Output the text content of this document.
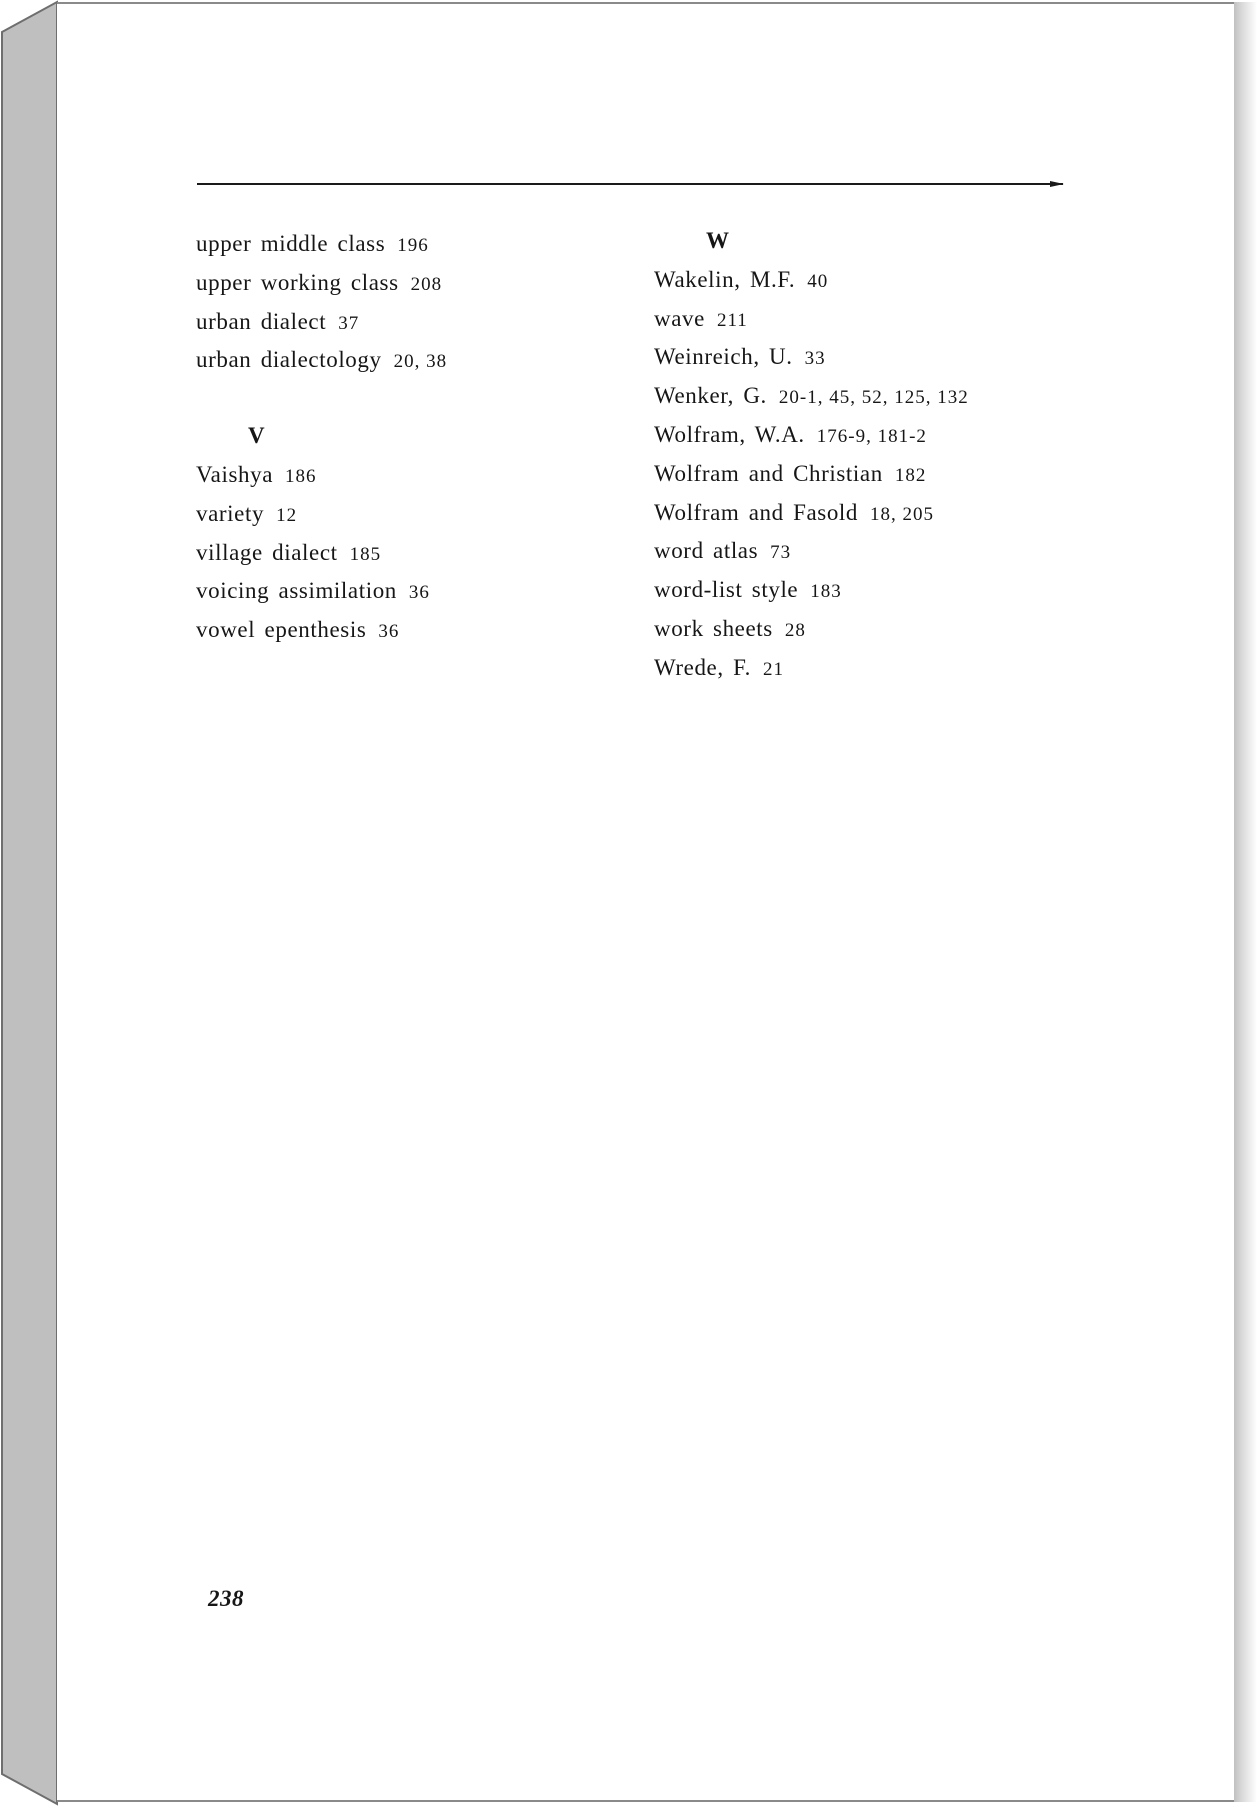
upper middle class 196
upper working class 208
urban dialect 37
urban dialectology 20, 38
V
Vaishya 186
variety 12
village dialect 185
voicing assimilation 36
vowel epenthesis 36
W
Wakelin, M.F. 40
wave 211
Weinreich, U. 33
Wenker, G. 20-1, 45, 52, 125, 132
Wolfram, W.A. 176-9, 181-2
Wolfram and Christian 182
Wolfram and Fasold 18, 205
word atlas 73
word-list style 183
work sheets 28
Wrede, F. 21
238
